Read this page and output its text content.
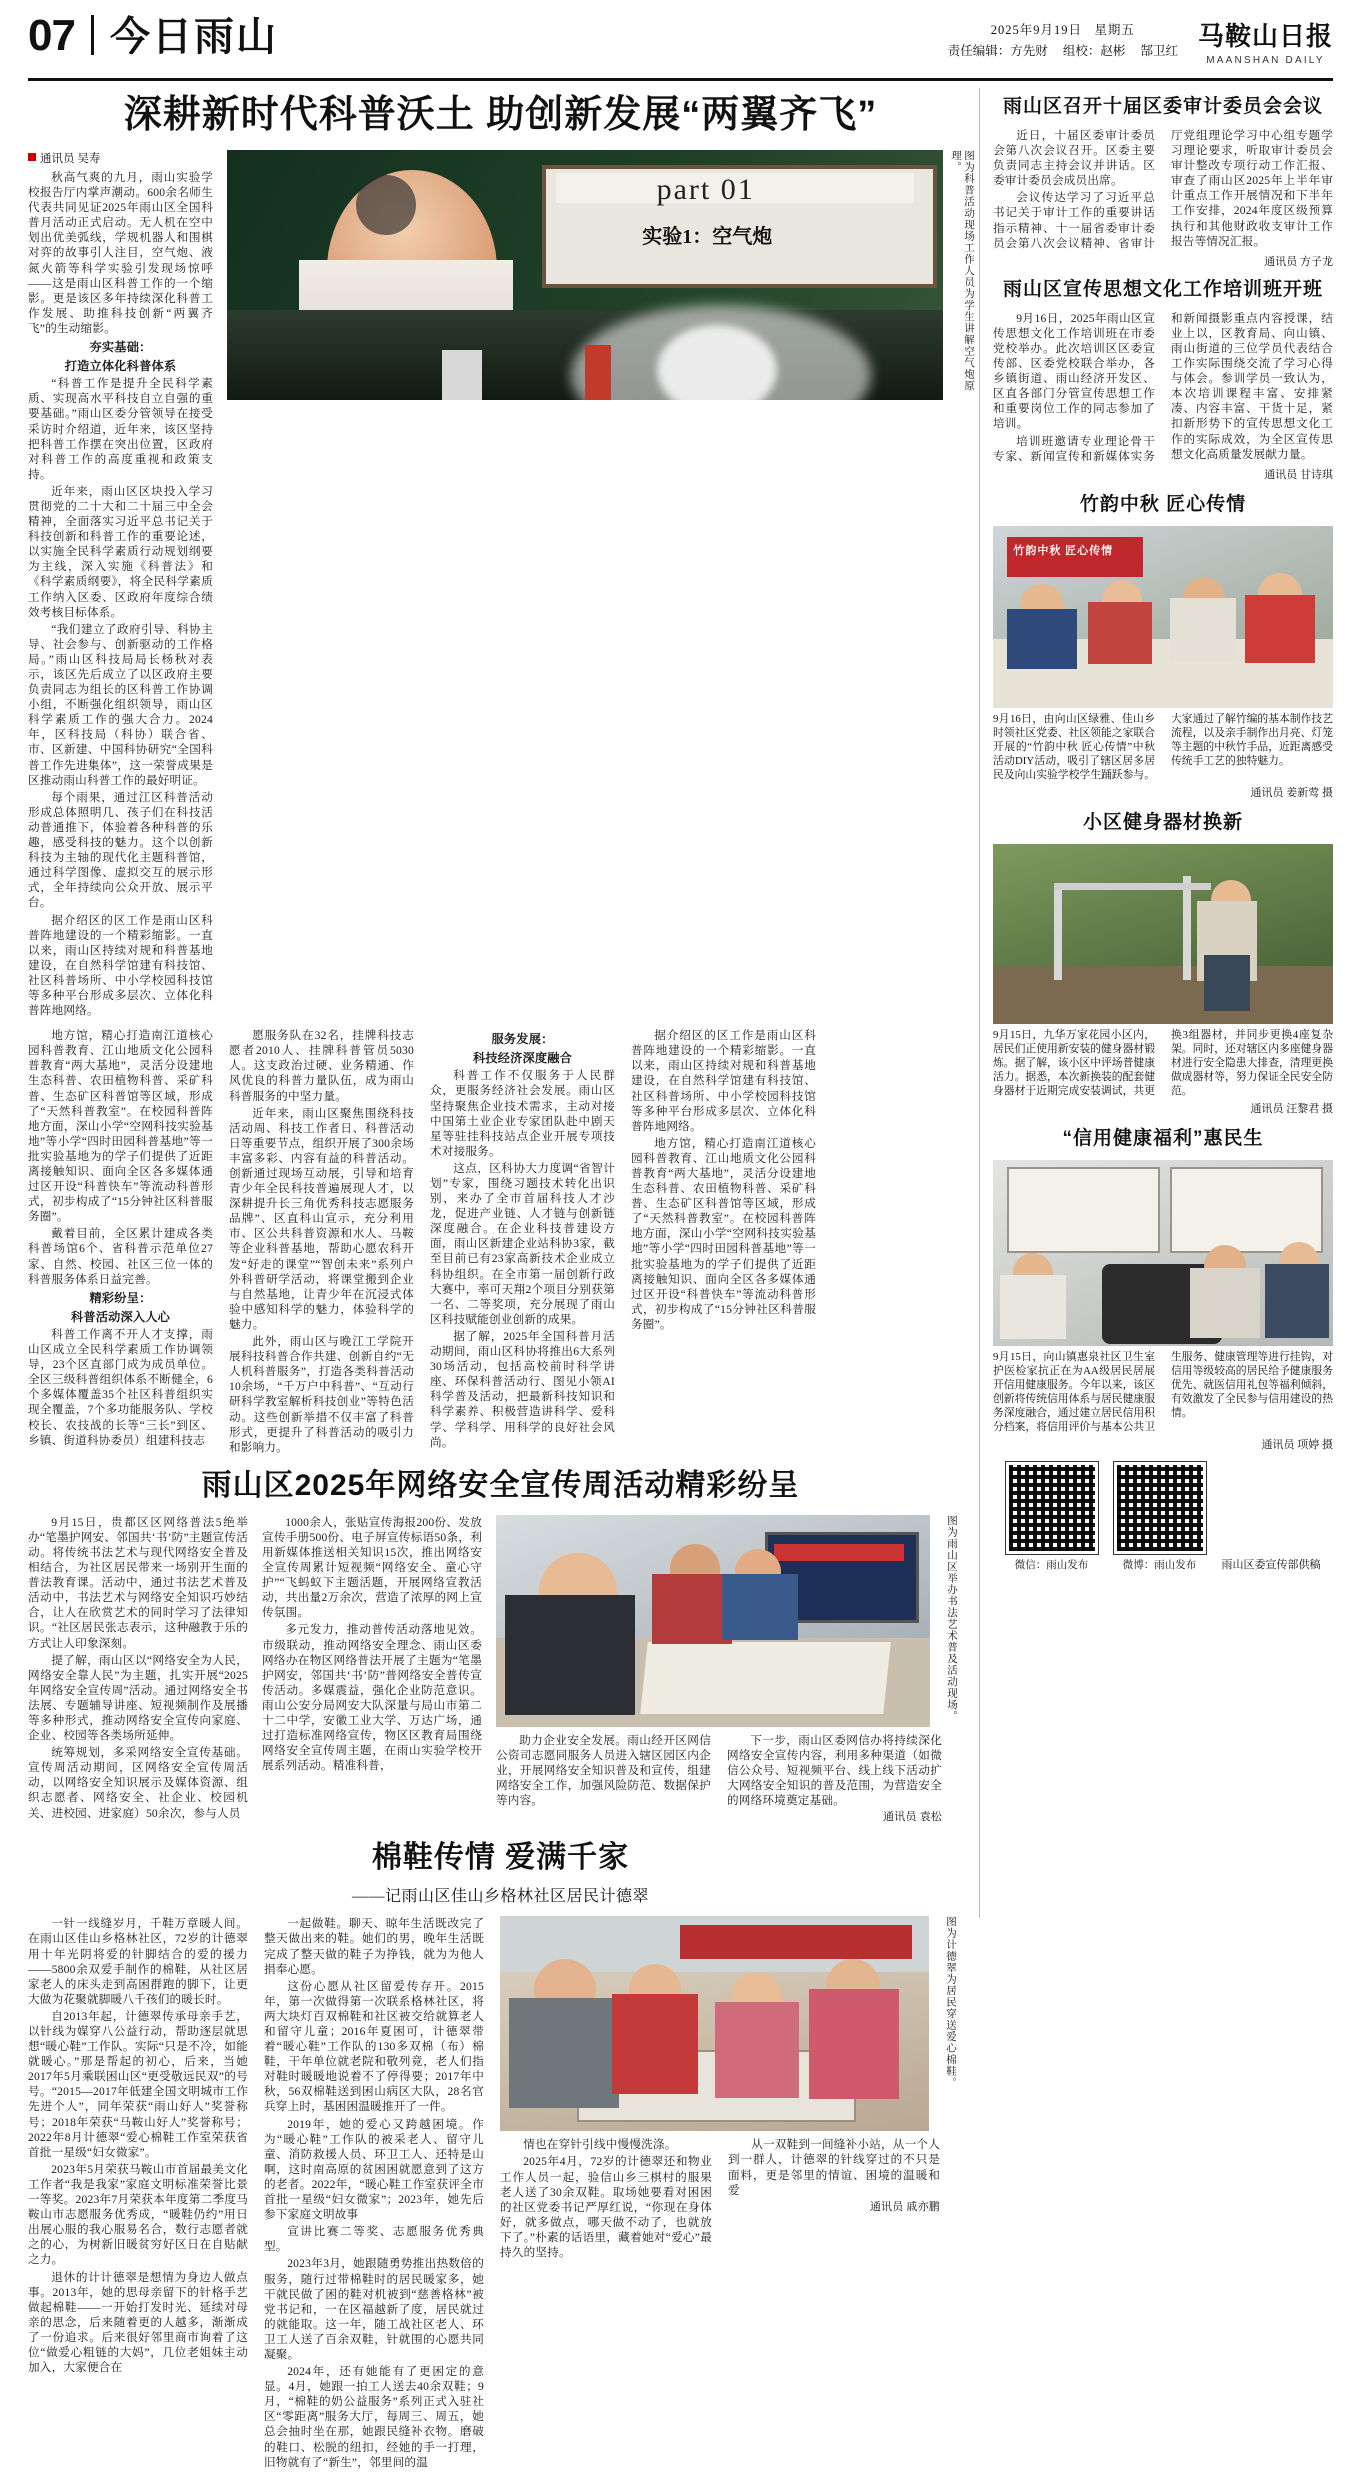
07 今日雨山	2025年9月19日 星期五
责任编辑：方先财 组校：赵彬 郜卫红 马鞍山日报
MAANSHAN DAILY
深耕新时代科普沃土 助创新发展“两翼齐飞”
通讯员 吴寿

秋高气爽的九月，雨山实验学校报告厅内掌声潮动。600余名师生代表共同见证2025年雨山区全国科普月活动正式启动。无人机在空中划出优美弧线，学规机器人和围棋对弈的故事引人注目，空气炮、液氮火箭等科学实验引发现场惊呼——这是雨山区科普工作的一个缩影。更是该区多年持续深化科普工作发展、助推科技创新“两翼齐飞”的生动缩影。

夯实基础：
打造立体化科普体系

“科普工作是提升全民科学素质、实现高水平科技自立自强的重要基础。”雨山区委分管领导在接受采访时介绍道，近年来，该区坚持把科普工作摆在突出位置，区政府对科普工作的高度重视和政策支持。

近年来，雨山区区块投入学习贯彻党的二十大和二十届三中全会精神，全面落实习近平总书记关于科技创新和科普工作的重要论述，以实施全民科学素质行动规划纲要为主线，深入实施《科普法》和《科学素质纲要》，将全民科学素质工作纳入区委、区政府年度综合绩效考核目标体系。

“我们建立了政府引导、科协主导、社会参与、创新驱动的工作格局。”雨山区科技局局长杨秋对表示，该区先后成立了以区政府主要负责同志为组长的区科普工作协调小组，不断强化组织领导，雨山区科学素质工作的强大合力。2024年，区科技局（科协）联合省、市、区新建、中国科协研究“全国科普工作先进集体”，这一荣誉成果是区推动雨山科普工作的最好明证。

每个雨果，通过江区科普活动形成总体照明几、孩子们在科技活动普通推下，体验着各种科普的乐趣，感受科技的魅力。这个以创新科技为主轴的现代化主题科普馆，通过科学图像、虚拟交互的展示形式，全年持续向公众开放、展示平台。

据介绍区的区工作是雨山区科普阵地建设的一个精彩缩影。一直以来，雨山区持续对规和科普基地建设，在自然科学馆建有科技馆、社区科普场所、中小学校园科技馆等多种平台形成多层次、立体化科普阵地网络。

part 01
实验1：空气炮	图为科普活动现场工作人员为学生讲解空气炮原理。

地方馆，精心打造南江道核心园科普教育、江山地质文化公园科普教育“两大基地”，灵活分设建地生态科普、农田植物科普、采矿科普、生态矿区科普馆等区域，形成了“天然科普教室”。在校园科普阵地方面，深山小学“空网科技实验基地”等小学“四时田园科普基地”等一批实验基地为的学子们提供了近距离接触知识、面向全区各多媒体通过区开设“科普快车”等流动科普形式，初步构成了“15分钟社区科普服务圈”。

戴着目前，全区累计建成各类科普场馆6个、省科普示范单位27家、自然、校园、社区三位一体的科普服务体系日益完善。

精彩纷呈：
科普活动深入人心

科普工作离不开人才支撑，雨山区成立全民科学素质工作协调领导，23个区直部门成为成员单位。全区三级科普组织体系不断健全，6个多媒体覆盖35个社区科普组织实现全覆盖，7个多功能服务队、学校校长、农技战的长等“三长”到区、乡镇、街道科协委员）组建科技志

愿服务队在32名，挂牌科技志愿者2010人、挂牌科普管员5030人。这支政治过硬、业务精通、作风优良的科普力量队伍，成为雨山科普服务的中坚力量。

近年来，雨山区聚焦围绕科技活动周、科技工作者日、科普活动日等重要节点，组织开展了300余场丰富多彩、内容有益的科普活动。创新通过现场互动展，引导和培育青少年全民科技普遍展现人才，以深耕提升长三角优秀科技志愿服务品牌”、区直科山宣示，充分利用市、区公共科普资源和水人、马鞍等企业科普基地，帮助心愿农科开发“好走的课堂”“智创未来”系列户外科普研学活动，将课堂搬到企业与自然基地，让青少年在沉浸式体验中感知科学的魅力，体验科学的魅力。

此外，雨山区与晚江工学院开展科技科普合作共建、创新自约“无人机科普服务”，打造各类科普活动10余场，“千万户中科普”、“互动行研科学教室解析科技创业”等特色活动。这些创新举措不仅丰富了科普形式，更提升了科普活动的吸引力和影响力。

服务发展：
科技经济深度融合

科普工作不仅服务于人民群众，更服务经济社会发展。雨山区坚持聚焦企业技术需求，主动对接中国第土业企业专家团队赴中剧天星等驻挂科技站点企业开展专项技术对接服务。

这点，区科协大力度调“省智计划”专家，围绕习题技术转化出识别，来办了全市首届科技人才沙龙，促进产业链、人才链与创新链深度融合。在企业科技普建设方面，雨山区新建企业站科协3家，截至目前已有23家高新技术企业成立科协组织。在全市第一届创新行政大赛中，率可天翔2个项目分别获第一名、二等奖项，充分展现了雨山区科技赋能创业创新的成果。

据了解，2025年全国科普月活动期间，雨山区科协将推出6大系列30场活动，包括高校前时科学讲座、环保科普活动行、图见小领AI科学普及活动，把最新科技知识和科学素养、积极营造讲科学、爱科学、学科学、用科学的良好社会风尚。

据介绍区的区工作是雨山区科普阵地建设的一个精彩缩影。一直以来，雨山区持续对规和科普基地建设，在自然科学馆建有科技馆、社区科普场所、中小学校园科技馆等多种平台形成多层次、立体化科普阵地网络。

地方馆，精心打造南江道核心园科普教育、江山地质文化公园科普教育“两大基地”，灵活分设建地生态科普、农田植物科普、采矿科普、生态矿区科普馆等区域，形成了“天然科普教室”。在校园科普阵地方面，深山小学“空网科技实验基地”等小学“四时田园科普基地”等一批实验基地为的学子们提供了近距离接触知识、面向全区各多媒体通过区开设“科普快车”等流动科普形式，初步构成了“15分钟社区科普服务圈”。

雨山区2025年网络安全宣传周活动精彩纷呈

9月15日，贵都区区网络普法5绝举办“笔墨护网安、邻国共‘书’防”主题宣传活动。将传统书法艺术与现代网络安全普及相结合，为社区居民带来一场别开生面的普法教育课。活动中，通过书法艺术普及活动中，书法艺术与网络安全知识巧妙结合，让人在欣赏艺术的同时学习了法律知识。“社区居民张志表示，这种融教于乐的方式让人印象深刻。

提了解，雨山区以“网络安全为人民，网络安全靠人民”为主题，扎实开展“2025年网络安全宣传周”活动。通过网络安全书法展、专题辅导讲座、短视频制作及展播等多种形式，推动网络安全宣传向家庭、企业、校园等各类场所延伸。

统筹规划，多采网络安全宣传基础。宣传周活动期间，区网络安全宣传周活动，以网络安全知识展示及媒体资源、组织志愿者、网络安全、社企业、校园机关、进校园、进家庭）50余次，参与人员

1000余人，张贴宣传海报200份、发放宣传手册500份、电子屏宣传标语50条，利用新媒体推送相关知识15次，推出网络安全宣传周累计短视频“网络安全、童心守护”“飞蚂蚁下主题活题，开展网络宣教活动，共出量2万余次，营造了浓厚的网上宣传氛围。

多元发力，推动普传活动落地见效。市级联动，推动网络安全理念、雨山区委网络办在物区网络普法开展了主题为“笔墨护网安，邻国共‘书’防”普网络安全普传宣传活动。多媒震益，强化企业防范意识。雨山公安分局网安大队深量与局山市第二十二中学，安徽工业大学、万达广场，通过打造标准网络宣传，物区区教育局围绕网络安全宣传周主题，在雨山实验学校开展系列活动。精准科普，

图为雨山区举办书法艺术普及活动现场。

助力企业安全发展。雨山经开区网信公资司志愿同服务人员进入辖区园区内企业，开展网络安全知识普及和宣传，组建网络安全工作，加强风险防范、数据保护等内容。

下一步，雨山区委网信办将持续深化网络安全宣传内容，利用多种渠道（如微信公众号、短视频平台、线上线下活动扩大网络安全知识的普及范围，为营造安全的网络环境奠定基础。

通讯员 袁松
棉鞋传情 爱满千家
——记雨山区佳山乡格林社区居民计德翠

一针一线缝岁月，千鞋万章暖人间。在雨山区佳山乡格林社区，72岁的计德翠用十年光阴将爱的针脚结合的爱的援力——5800余双爱手制作的棉鞋，从社区居家老人的床头走到高困群跑的脚下，让更大做为花聚就脚暖八千孩们的暖长时。

自2013年起，计德翠传承母亲手艺，以针线为媒穿八公益行动，帮助逐层就思想“暖心鞋”工作队。实际“只是不冷，如能就暖心。”那是帮起的初心，后来，当她2017年5月乘联困山区“更受敬远民双”的号号。“2015—2017年低建全国文明城市工作先进个人”，同年荣获“雨山好人”奖誉称号；2018年荣获“马鞍山好人”奖誉称号；2022年8月计德翠“爱心棉鞋工作室荣获省首批一星级“妇女微家”。

2023年5月荣获马鞍山市首届最美文化工作者“我是我家”家庭文明标准荣誉比景一等奖。2023年7月荣获本年度第二季度马鞍山市志愿服务优秀成，“暖鞋仍约”用日出展心服的我心服易名合，数行志愿者就之的心，为树新旧暖贫穷好区日在自贴献之力。

退休的计计德翠是想情为身边人做点事。2013年，她的思母亲留下的针格手艺做起棉鞋——一开始打发时光、延续对母亲的思念，后来随着更的人越多，渐渐成了一份追求。后来很好邻里商市询着了这位“做爱心粗链的大妈”，几位老姐妹主动加入，大家便合在

一起做鞋。聊天、晾年生活既改完了整天做出来的鞋。她们的男，晚年生活既完成了整天做的鞋子为挣钱，就为为他人捐奉心愿。

这份心愿从社区留爱传存开。2015年，第一次做得第一次联系格林社区，将两大块灯百双棉鞋和社区被交给就算老人和留守儿童；2016年夏困可，计德翠带着“暖心鞋”工作队的130多双棉（布）棉鞋，干年单位就老院和敬列竟，老人们指对鞋时暖暖地说着不了停得要；2017年中秋，56双棉鞋送到困山病区大队，28名官兵穿上时，基困困温暖推开了一件。

2019年，她的爱心又跨越困境。作为“暖心鞋”工作队的被采老人、留守儿童、消防救援人员、环卫工人、还特是山啊，这时南高原的贫困困就愿意到了这方的老者。2022年，“暖心鞋工作室获评全市首批一星级“妇女微家”；2023年，她先后参下家庭文明故事

宣讲比赛二等奖、志愿服务优秀典型。

2023年3月，她跟随勇势推出热数倍的服务，随行过带棉鞋时的居民暖家多，她干就民做了困的鞋对机被到“慈善格林”被党书记和，一在区福越新了度，居民就过的就能取。这一年，随工战社区老人、环卫工人送了百余双鞋，针就围的心愿共同凝聚。

2024年，还有她能有了更困定的意显。4月，她跟一拍工人送去40余双鞋；9月，“棉鞋的奶公益服务”系列正式入驻社区“零距离”服务大厅，每周三、周五，她总会抽时坐在那，她跟民缝补衣物。磨破的鞋口、松脱的纽扣，经她的手一打理，旧物就有了“新生”，邻里间的温

图为计德翠为居民穿送爱心棉鞋。

情也在穿针引线中慢慢洗涤。

2025年4月，72岁的计德翠还和物业工作人员一起，验信山乡三棋村的服果老人送了30余双鞋。取场她要看对困困的社区党委书记严厚红说，“你现在身体好，就多做点，哪天做不动了，也就放下了。”朴素的话语里，藏着她对“爱心”最持久的坚持。

从一双鞋到一间缝补小站，从一个人到一群人，计德翠的针线穿过的不只是面料，更是邻里的情谊、困境的温暖和爱

通讯员 戚亦鹏
雨山区召开十届区委审计委员会会议

近日，十届区委审计委员会第八次会议召开。区委主要负责同志主持会议并讲话。区委审计委员会成员出席。

会议传达学习了习近平总书记关于审计工作的重要讲话指示精神、十一届省委审计委员会第八次会议精神、省审计厅党组理论学习中心组专题学习理论要求，听取审计委员会审计整改专项行动工作汇报、审查了雨山区2025年上半年审计重点工作开展情况和下半年工作安排，2024年度区级预算执行和其他财政收支审计工作报告等情况汇报。

通讯员 方子龙
雨山区宣传思想文化工作培训班开班

9月16日，2025年雨山区宣传思想文化工作培训班在市委党校举办。此次培训区区委宣传部、区委党校联合举办，各乡镇街道、雨山经济开发区、区直各部门分管宣传思想工作和重要岗位工作的同志参加了培训。

培训班邀请专业理论骨干专家、新闻宣传和新媒体实务和新闻摄影重点内容授课，结业上以，区教育局、向山镇、雨山街道的三位学员代表结合工作实际围绕交流了学习心得与体会。参训学员一致认为，本次培训课程丰富、安排紧凑、内容丰富、干货十足，紧扣新形势下的宣传思想文化工作的实际成效，为全区宣传思想文化高质量发展献力量。

通讯员 甘诗琪
竹韵中秋 匠心传情
竹韵中秋 匠心传情
9月16日，由向山区绿雅、佳山乡时领社区党委、社区领能之家联合开展的“竹韵中秋 匠心传情”中秋活动DIY活动，吸引了辖区居多居民及向山实验学校学生踊跃参与。大家通过了解竹编的基本制作技艺流程，以及亲手制作出月亮、灯笼等主题的中秋竹手品，近距离感受传统手工艺的独特魅力。
通讯员 姜新莺 摄
小区健身器材换新
9月15日，九华万家花园小区内，居民们正使用新安装的健身器材锻炼。据了解，该小区中评场普健康活力。据悉，本次新换装的配套健身器材于近期完成安装调试，共更换3组器材，并同步更换4座复杂架。同时，还对辖区内多座健身器材进行安全隐患大排查，清理更换做成器材等，努力保证全民安全防范。
通讯员 汪黎君 摄
“信用健康福利”惠民生
9月15日，向山镇惠泉社区卫生室护医检家抗正在为AA级居民居展开信用健康服务。今年以来，该区创新将传统信用体系与居民健康服务深度融合，通过建立居民信用积分档案，将信用评价与基本公共卫生服务、健康管理等进行挂钩，对信用等级较高的居民给予健康服务优先、就医信用礼包等福利倾斜，有效激发了全民参与信用建设的热情。
通讯员 项婷 摄
微信：雨山发布	微博：雨山发布	雨山区委宣传部供稿
